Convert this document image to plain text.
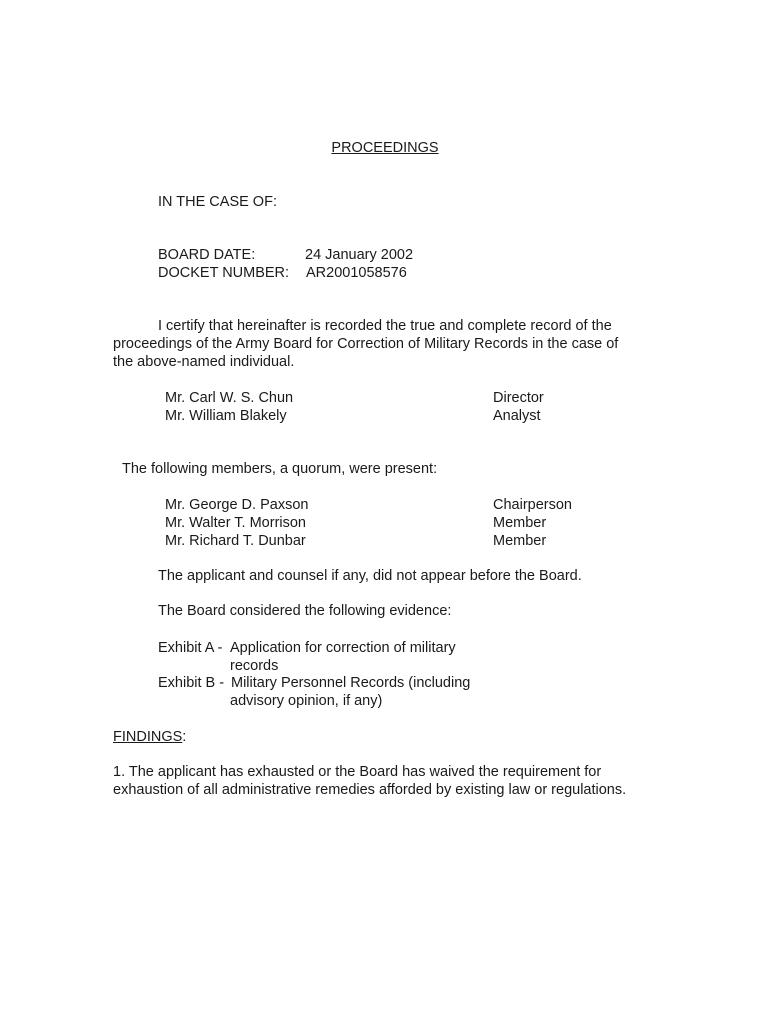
PROCEEDINGS
IN THE CASE OF:
BOARD DATE:	24 January 2002
DOCKET NUMBER: AR2001058576
I certify that hereinafter is recorded the true and complete record of the
proceedings of the Army Board for Correction of Military Records in the case of
the above-named individual.
Mr. Carl W. S. Chun	Director
Mr. William Blakely	Analyst
The following members, a quorum, were present:
Mr. George D. Paxson	Chairperson
Mr. Walter T. Morrison	Member
Mr. Richard T. Dunbar	Member
The applicant and counsel if any, did not appear before the Board.
The Board considered the following evidence:
Exhibit A - Application for correction of military
records
Exhibit B - Military Personnel Records (including
advisory opinion, if any)
FINDINGS:
1. The applicant has exhausted or the Board has waived the requirement for
exhaustion of all administrative remedies afforded by existing law or regulations.
